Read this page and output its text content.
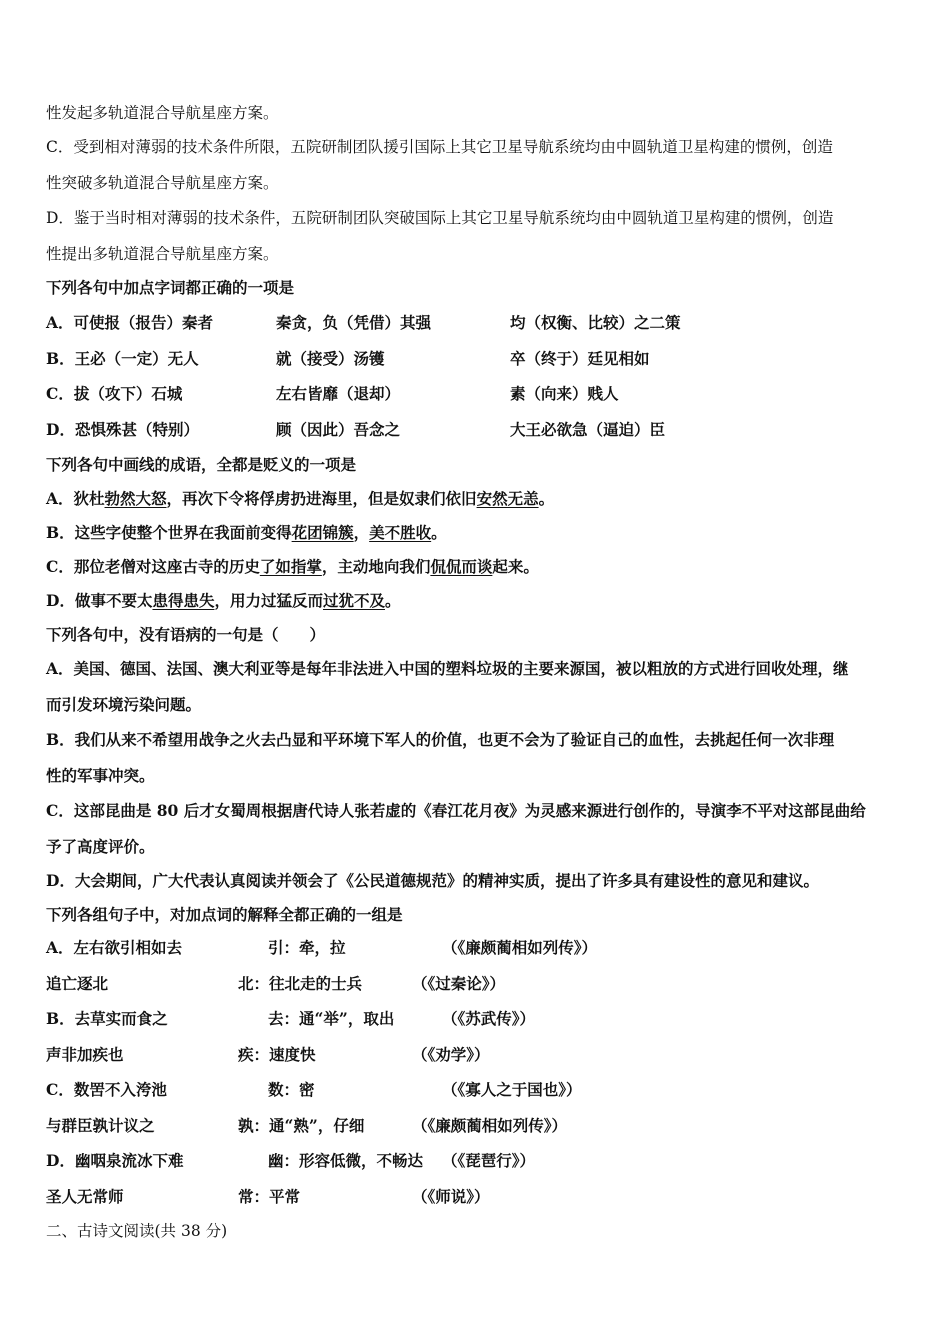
性发起多轨道混合导航星座方案。
C．受到相对薄弱的技术条件所限，五院研制团队援引国际上其它卫星导航系统均由中圆轨道卫星构建的惯例，创造
性突破多轨道混合导航星座方案。
D．鉴于当时相对薄弱的技术条件，五院研制团队突破国际上其它卫星导航系统均由中圆轨道卫星构建的惯例，创造
性提出多轨道混合导航星座方案。
下列各句中加点字词都正确的一项是
A．可使报（报告）秦者	秦贪，负（凭借）其强	均（权衡、比较）之二策
B．王必（一定）无人	就（接受）汤镬	卒（终于）廷见相如
C．拔（攻下）石城	左右皆靡（退却）	素（向来）贱人
D．恐惧殊甚（特别）	顾（因此）吾念之	大王必欲急（逼迫）臣
下列各句中画线的成语，全都是贬义的一项是
A．狄杜勃然大怒，再次下令将俘虏扔进海里，但是奴隶们依旧安然无恙。
B．这些字使整个世界在我面前变得花团锦簇，美不胜收。
C．那位老僧对这座古寺的历史了如指掌，主动地向我们侃侃而谈起来。
D．做事不要太患得患失，用力过猛反而过犹不及。
下列各句中，没有语病的一句是（　　）
A．美国、德国、法国、澳大利亚等是每年非法进入中国的塑料垃圾的主要来源国，被以粗放的方式进行回收处理，继
而引发环境污染问题。
B．我们从来不希望用战争之火去凸显和平环境下军人的价值，也更不会为了验证自己的血性，去挑起任何一次非理
性的军事冲突。
C．这部昆曲是 80 后才女蜀周根据唐代诗人张若虚的《春江花月夜》为灵感来源进行创作的，导演李不平对这部昆曲给
予了高度评价。
D．大会期间，广大代表认真阅读并领会了《公民道德规范》的精神实质，提出了许多具有建设性的意见和建议。
下列各组句子中，对加点词的解释全都正确的一组是
A．左右欲引相如去	引：牵，拉	（《廉颇蔺相如列传》）
追亡逐北	北：往北走的士兵	（《过秦论》）
B．去草实而食之	去：通“举”，取出	（《苏武传》）
声非加疾也	疾：速度快	（《劝学》）
C．数罟不入洿池	数：密	（《寡人之于国也》）
与群臣孰计议之	孰：通“熟”，仔细	（《廉颇蔺相如列传》）
D．幽咽泉流冰下难	幽：形容低微，不畅达 （《琵琶行》）
圣人无常师	常：平常	（《师说》）
二、古诗文阅读(共 38 分)
